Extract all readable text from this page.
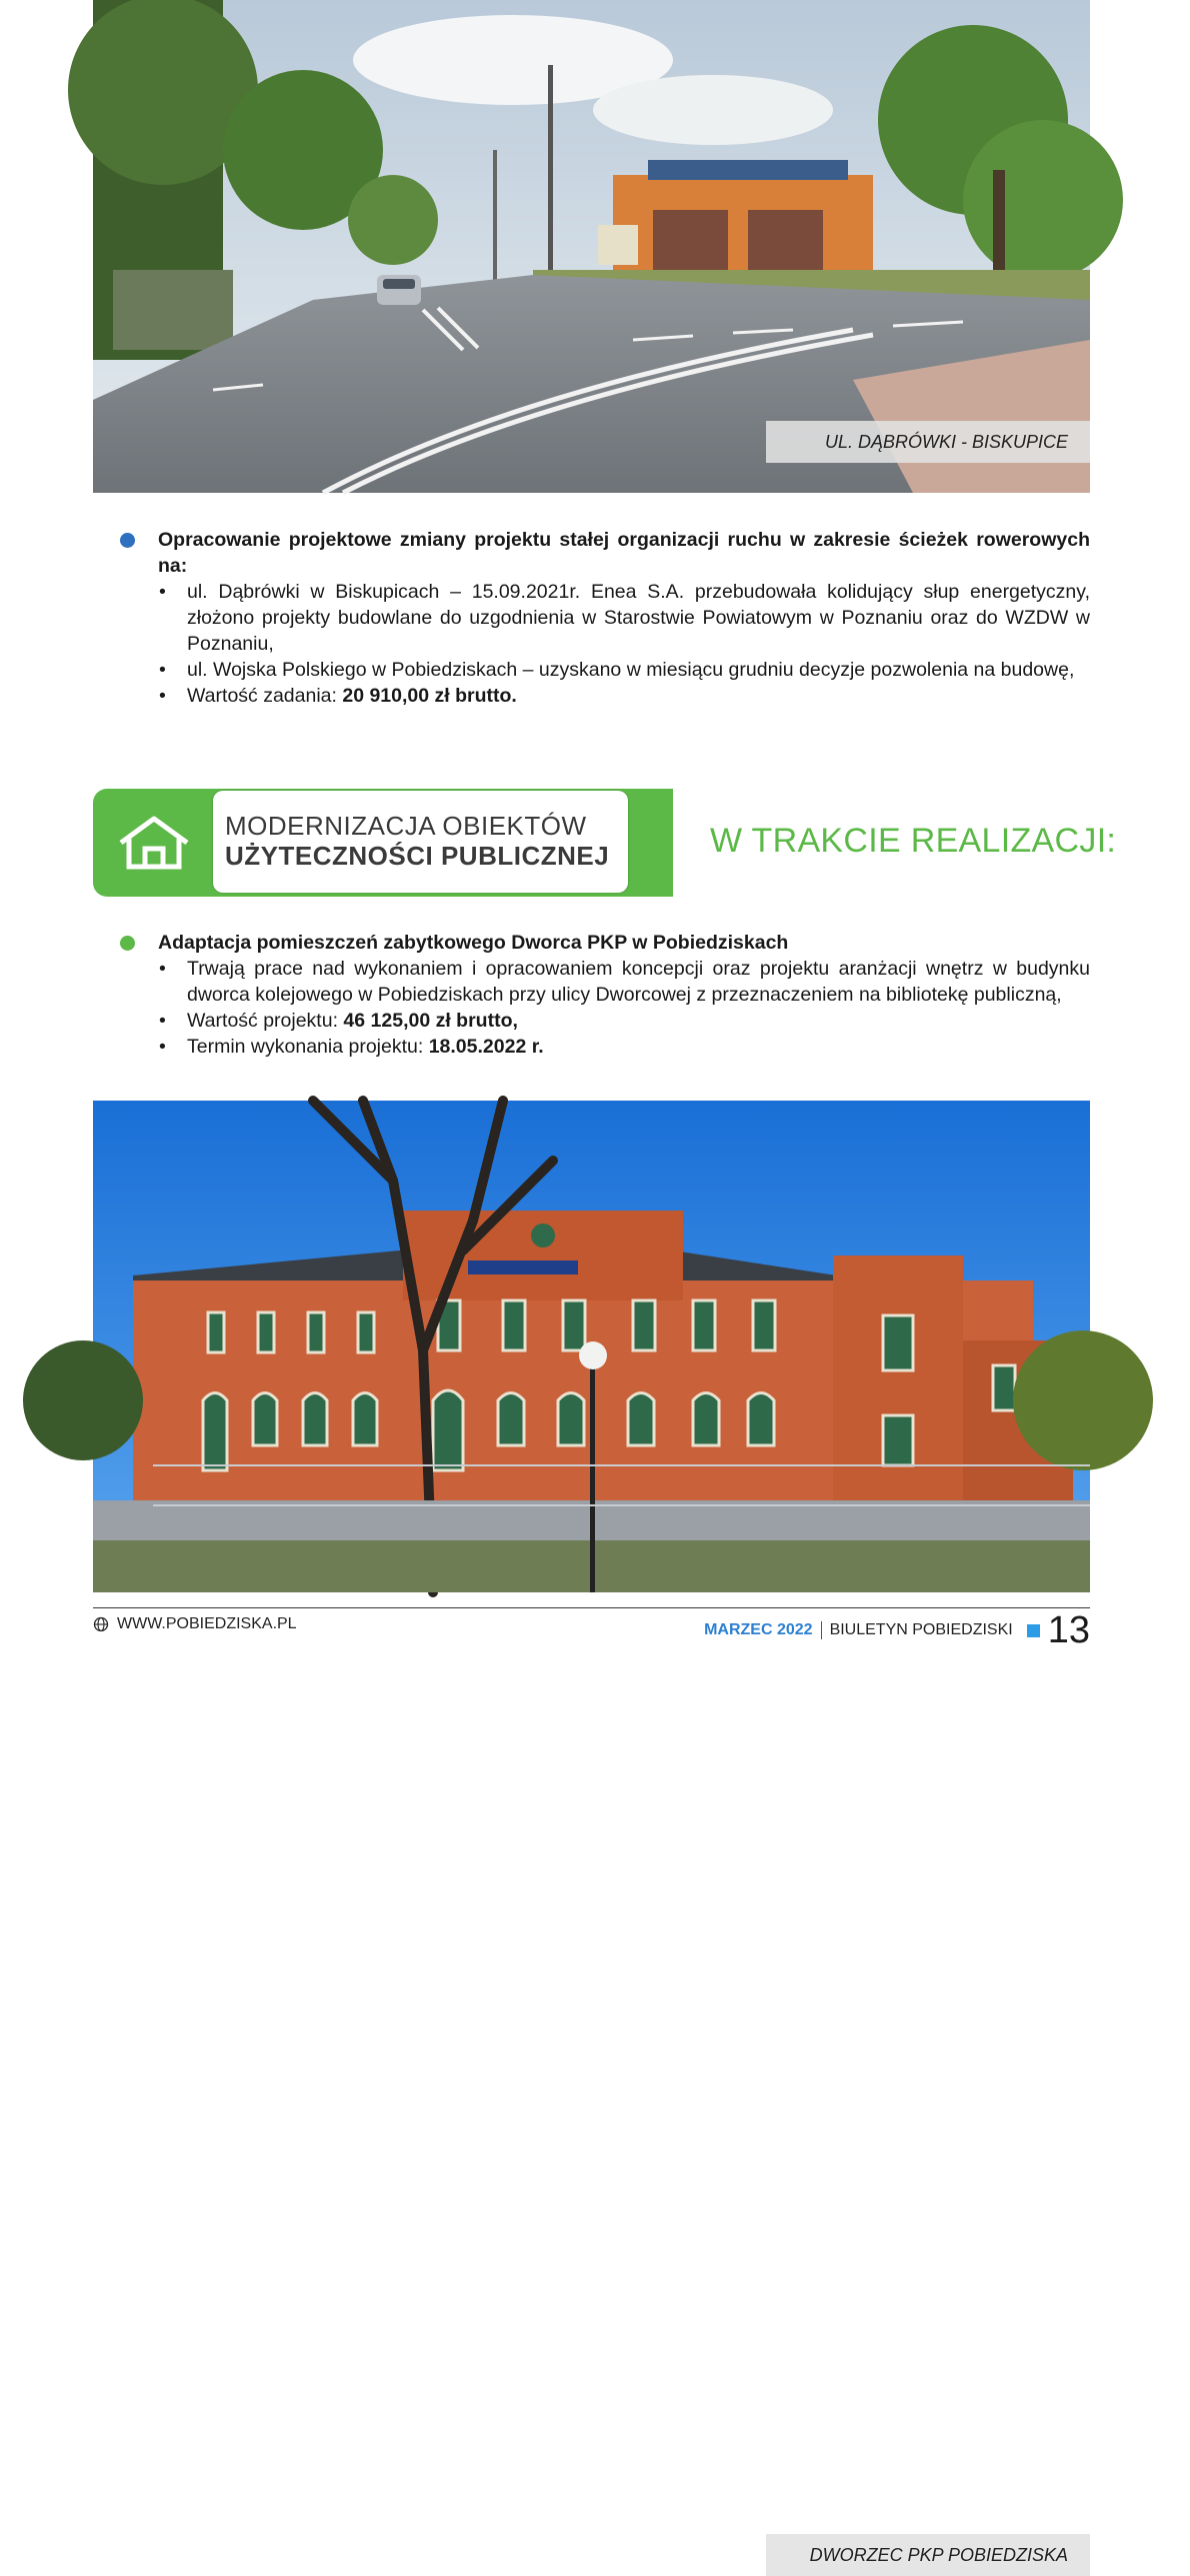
UL. DĄBRÓWKI - BISKUPICE
Opracowanie projektowe zmiany projektu stałej organizacji ruchu w zakresie ścieżek rowerowych na:
• ul. Dąbrówki w Biskupicach – 15.09.2021r. Enea S.A. przebudowała kolidujący słup energetyczny, złożono projekty budowlane do uzgodnienia w Starostwie Powiatowym w Poznaniu oraz do WZDW w Poznaniu,
• ul. Wojska Polskiego w Pobiedziskach – uzyskano w miesiącu grudniu decyzje pozwolenia na budowę,
• Wartość zadania: 20 910,00 zł brutto.
MODERNIZACJA OBIEKTÓW
UŻYTECZNOŚCI PUBLICZNEJ	W TRAKCIE REALIZACJI:
Adaptacja pomieszczeń zabytkowego Dworca PKP w Pobiedziskach
• Trwają prace nad wykonaniem i opracowaniem koncepcji oraz projektu aranżacji wnętrz w budynku dworca kolejowego w Pobiedziskach przy ulicy Dworcowej z przeznaczeniem na bibliotekę publiczną,
• Wartość projektu: 46 125,00 zł brutto,
• Termin wykonania projektu: 18.05.2022 r.
DWORZEC PKP POBIEDZISKA
WWW.POBIEDZISKA.PL	MARZEC 2022 BIULETYN POBIEDZISKI 13
